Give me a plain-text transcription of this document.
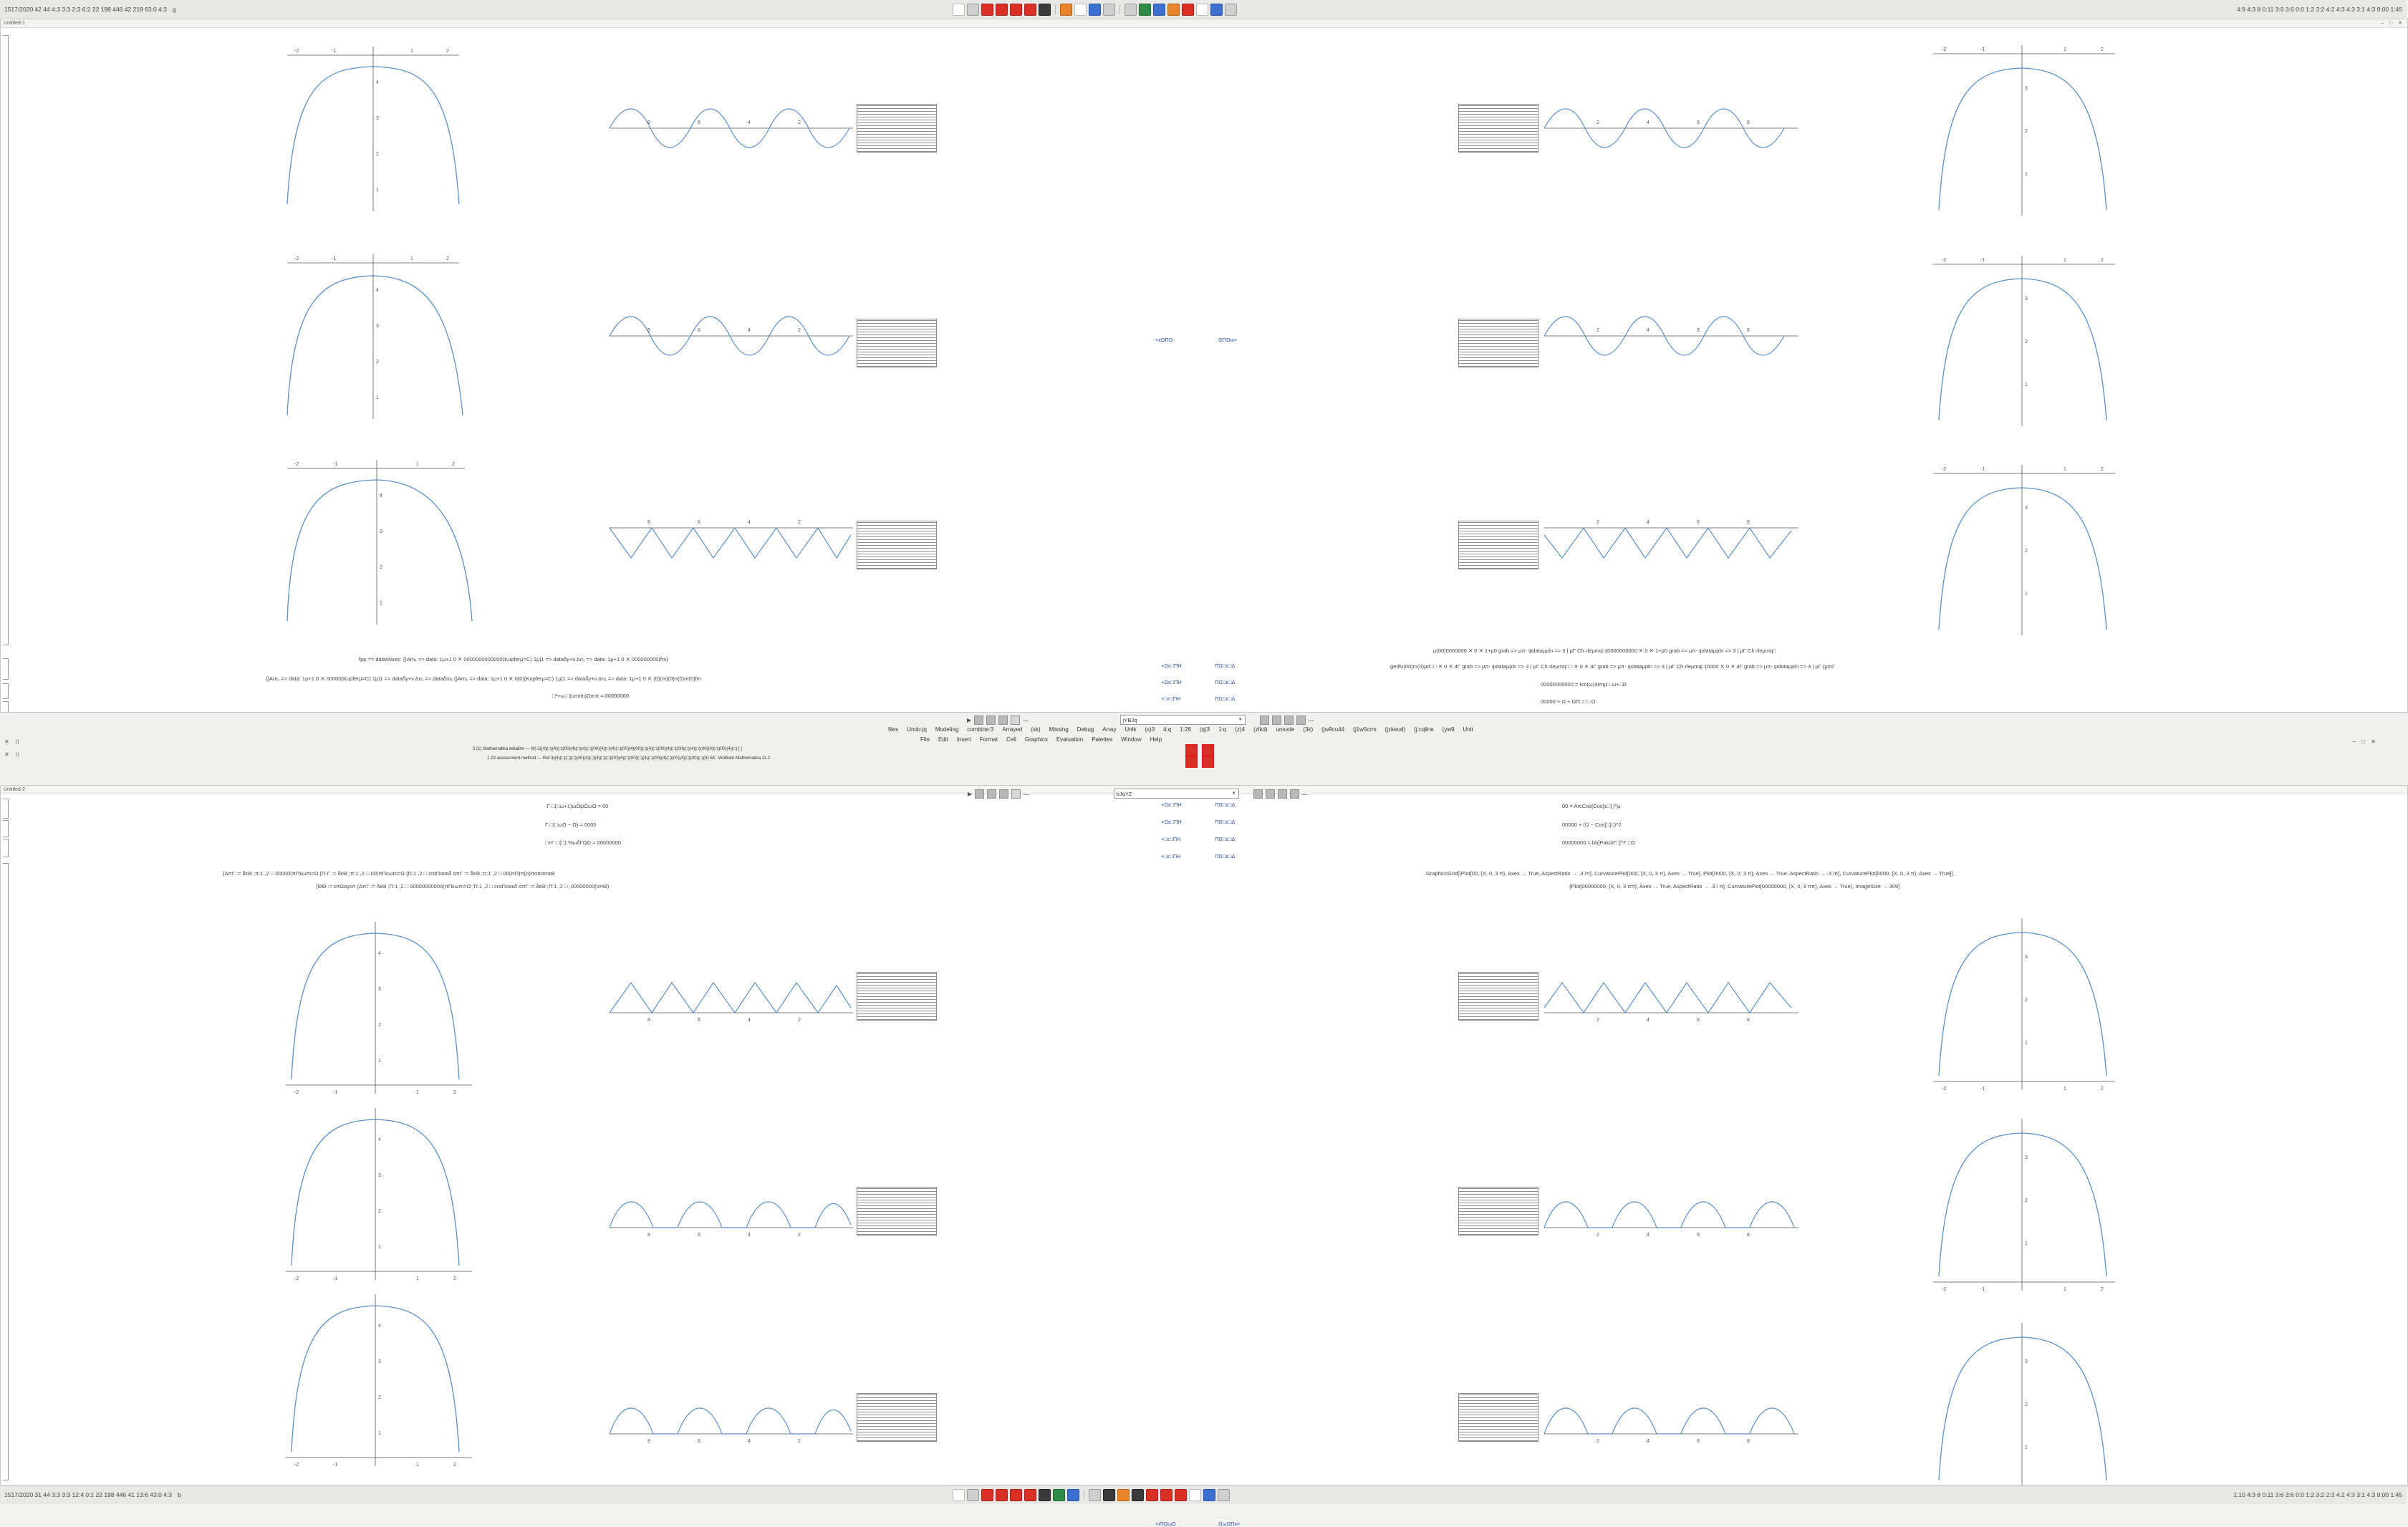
1517/2020 42 44 4:3 3:3 2:3 6:2 22 198 446 42 219 63:0 4:3 g	4:9 4:3 8 0:11 3:6 3:6 0:0 1:2 3:2 4:2 4:3 4:3 3:1 4:3 9:00 1:45
Untitled-1	– □ ✕
-2	-1	1	2
4
3
2
1
-2	-1	1	2
4
3
2
1
-2	-1	1	2
4
3
2
1
8	6	4	2
8	6	4	2
8	6	4	2
2	4	6	8
2	4	6	8
2	4	6	8
-2	-1	1	2
3
2
1
-2	-1	1	2
3
2
1
-2	-1	1	2
3
2
1
fpp == dataMixes: {}Arn₁ => data: 1μ+1 0 ✕ 0000000000000(Kupferμ=C) 1μ|1 => dataδy+ν Δn₁ => data: 1μ+1 0 ✕ 000000000(fm)
{}Arn₁ => data: 1μ+1 0 ✕ 00000(Kupferμ=C) 1μ|1 => dataδy+ν Δn₁ => dataδm₁ {}Arn₁ => data: 1μ+1 0 ✕ 0(0)(Kupferμ=C) 1μ|1 => dataδy+ν Δn₁ => data: 1μ+1 0 ✕ (0)(m)(0)n(0)m(0)fm
□²+ω·□(umrln)Ωmπ = 00000000
+Ωε□ΠΗ
+Ωε□ΠΗ
+□ε□ΠΗ
ΠΩ□ε□Δ
ΠΩ□ε□Δ
ΠΩ□ε□Δ
<ιιΩΠΩ	ΩΠΩιιι>
μ(00)0000000 ✕ 0 ✕ 1+μ0 grab => μπ⋅ ψdataμpln => 3 | μΓ Ch·rleμmq□(0000000000 ✕ 0 ✕ 1+μ0 grab => μπ⋅ ψdataμpln => 3 | μΓ Ch·rleμmq□
getlfu(00)m(0)μrl□□ ✕ 0 ✕ 4Γ grab => μπ⋅ ψdataμpln => 3 | μΓ Ch·rleμmq□□ ✕ 0 ✕ 4Γ grab => μπ⋅ ψdataμpln => 3 | μΓ Ch·rleμmq□(0000 ✕ 0 ✕ 4Γ grab => μπ⋅ ψdataμpln => 3 | μΓ (μmΓ
00000000000 = km(ω)4rmμ□·ω+□Ω
00000 + Ω + ΩΠ□□□·Ω
▶	—	jYBJq	▼	—
files Undo:jq Modeling combine:3 Arrayed (sk) Missing Debug Array Unlk (s)3 4:q 1:28 (q)3 1:q (z)4 (zlkd) unsvde (3k) (jw9cu44 (j1w5crm (jzkeud) (j:cqllne (yw9 Unit
2 (1) Mathematika initialize — (6) 3((4)(□)(4)(□)(00)(4)(□)(4)(□)(00)(4)(□)(4)(□)(00)(4)(00)(□)(4)(□)(00)(4)(□)(00)(□)(4)(□)(00)(4)(□)(00)(4)(□) [ ]
1.23 assessment method — Ref 3((4)(□)(□)(□)(00)(4)(□)(4)(□)(□)(00)(4)(□)(00)(□)(4)(□)(00)(4)(□)(00)(4)(□)(00)(□)(4) 58 : Wolfram Mathematica 11.2
File Edit Insert Format Cell Graphics Evaluation Palettes Window Help
✕ ⌷
✕ ⌷
– □ ✕
Untitled-2
▶	—	bJqYZ	▼	—
·Γ·□(□ω+1)ωΩψΩωΩ = 00
Γ·□(□ωΩ − Ω) = 0000
□+Γ·□(□)·%ωδΓΩΩ = 00000000
{ΔπΓ := δεΘ ;π:1 ,2 □ 00000(πΠεωπι=Ω {Π·Γ := δεΘ ;π:1 ,2 □ 00(πΠεωπι=Ω {Π:1 ,2 □ crαΠοαεδ απΓ := δεΘ ;π:1 ,2 □ 00(πΠ)π(ο)ποπαπαΘ
{ΘΘ := επΩαγεπ {ΔπΓ := δεΘ ;Π:1 ,2 □ 00000000000(πΠεωπι=Ω ;Π:1 ,2 □ crαΠοαεδ απΓ := δεΘ ;Π:1 ,2 □ ,00000000(οπΘ)
+Ωε□ΠΗ
+Ωε□ΠΗ
+□ε□ΠΗ
+□ε□ΠΗ
ΠΩ□ε□Δ
ΠΩ□ε□Δ
ΠΩ□ε□Δ
ΠΩ□ε□Δ
00 = ArcCos[Cos[±□] ]^μ
00000 + (Ω − Cos[□]□)^2
00000000 = bb[PakoiΓ□]^Γ·□Ω
GraphicsGrid[{Plot[00, {X, 0, 3 π}, Axes → True, AspectRatio → .3 /π], CurvaturePlot[000, {X, 0, 3 π}, Axes → True], Plot[0000, {X, 0, 3 π}, Axes → True, AspectRatio → .3 /π], CurvaturePlot[0000, {X, 0, 3 π}, Axes → True]},
{Plot[00000000, {X, 0, 3 ππ}, Axes → True, AspectRatio → .3 / π], CurvaturePlot[00000000, {X, 0, 3 ππ}, Axes → True}, ImageSize → 309]
-2	-1	1	2
4
3
2
1
-2	-1	1	2
4
3
2
1
-2	-1	1	2
4
3
2
1
8	6	4	2
8	6	4	2
8	6	4	2
2	4	6	8
2	4	6	8
2	4	6	8
-2	-1	1	2
3
2
1
-2	-1	1	2
3
2
1
3
2
1
<ιΠΩωΩ	ΩωΩΠιι>
1517/2020 31 44 3:3 3:3 12:4 0:1 22 198 446 41 13:6 43:0 4:3 b	1:10 4:3 8 0:11 3:6 3:6 0:0 1:2 3:2 2:3 4:2 4:3 3:1 4:3 9:00 1:45
